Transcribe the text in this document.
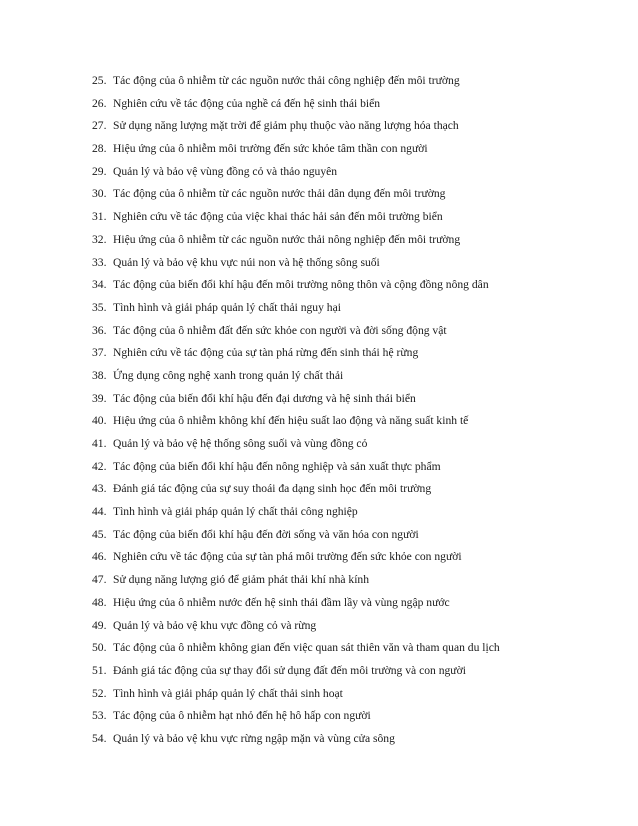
25. Tác động của ô nhiễm từ các nguồn nước thải công nghiệp đến môi trường
26. Nghiên cứu về tác động của nghề cá đến hệ sinh thái biển
27. Sử dụng năng lượng mặt trời để giảm phụ thuộc vào năng lượng hóa thạch
28. Hiệu ứng của ô nhiễm môi trường đến sức khỏe tâm thần con người
29. Quản lý và bảo vệ vùng đồng cỏ và thảo nguyên
30. Tác động của ô nhiễm từ các nguồn nước thải dân dụng đến môi trường
31. Nghiên cứu về tác động của việc khai thác hải sản đến môi trường biển
32. Hiệu ứng của ô nhiễm từ các nguồn nước thải nông nghiệp đến môi trường
33. Quản lý và bảo vệ khu vực núi non và hệ thống sông suối
34. Tác động của biến đổi khí hậu đến môi trường nông thôn và cộng đồng nông dân
35. Tình hình và giải pháp quản lý chất thải nguy hại
36. Tác động của ô nhiễm đất đến sức khỏe con người và đời sống động vật
37. Nghiên cứu về tác động của sự tàn phá rừng đến sinh thái hệ rừng
38. Ứng dụng công nghệ xanh trong quản lý chất thải
39. Tác động của biến đổi khí hậu đến đại dương và hệ sinh thái biển
40. Hiệu ứng của ô nhiễm không khí đến hiệu suất lao động và năng suất kinh tế
41. Quản lý và bảo vệ hệ thống sông suối và vùng đồng cỏ
42. Tác động của biến đổi khí hậu đến nông nghiệp và sản xuất thực phẩm
43. Đánh giá tác động của sự suy thoái đa dạng sinh học đến môi trường
44. Tình hình và giải pháp quản lý chất thải công nghiệp
45. Tác động của biến đổi khí hậu đến đời sống và văn hóa con người
46. Nghiên cứu về tác động của sự tàn phá môi trường đến sức khỏe con người
47. Sử dụng năng lượng gió để giảm phát thải khí nhà kính
48. Hiệu ứng của ô nhiễm nước đến hệ sinh thái đầm lầy và vùng ngập nước
49. Quản lý và bảo vệ khu vực đồng cỏ và rừng
50. Tác động của ô nhiễm không gian đến việc quan sát thiên văn và tham quan du lịch
51. Đánh giá tác động của sự thay đổi sử dụng đất đến môi trường và con người
52. Tình hình và giải pháp quản lý chất thải sinh hoạt
53. Tác động của ô nhiễm hạt nhỏ đến hệ hô hấp con người
54. Quản lý và bảo vệ khu vực rừng ngập mặn và vùng cửa sông
